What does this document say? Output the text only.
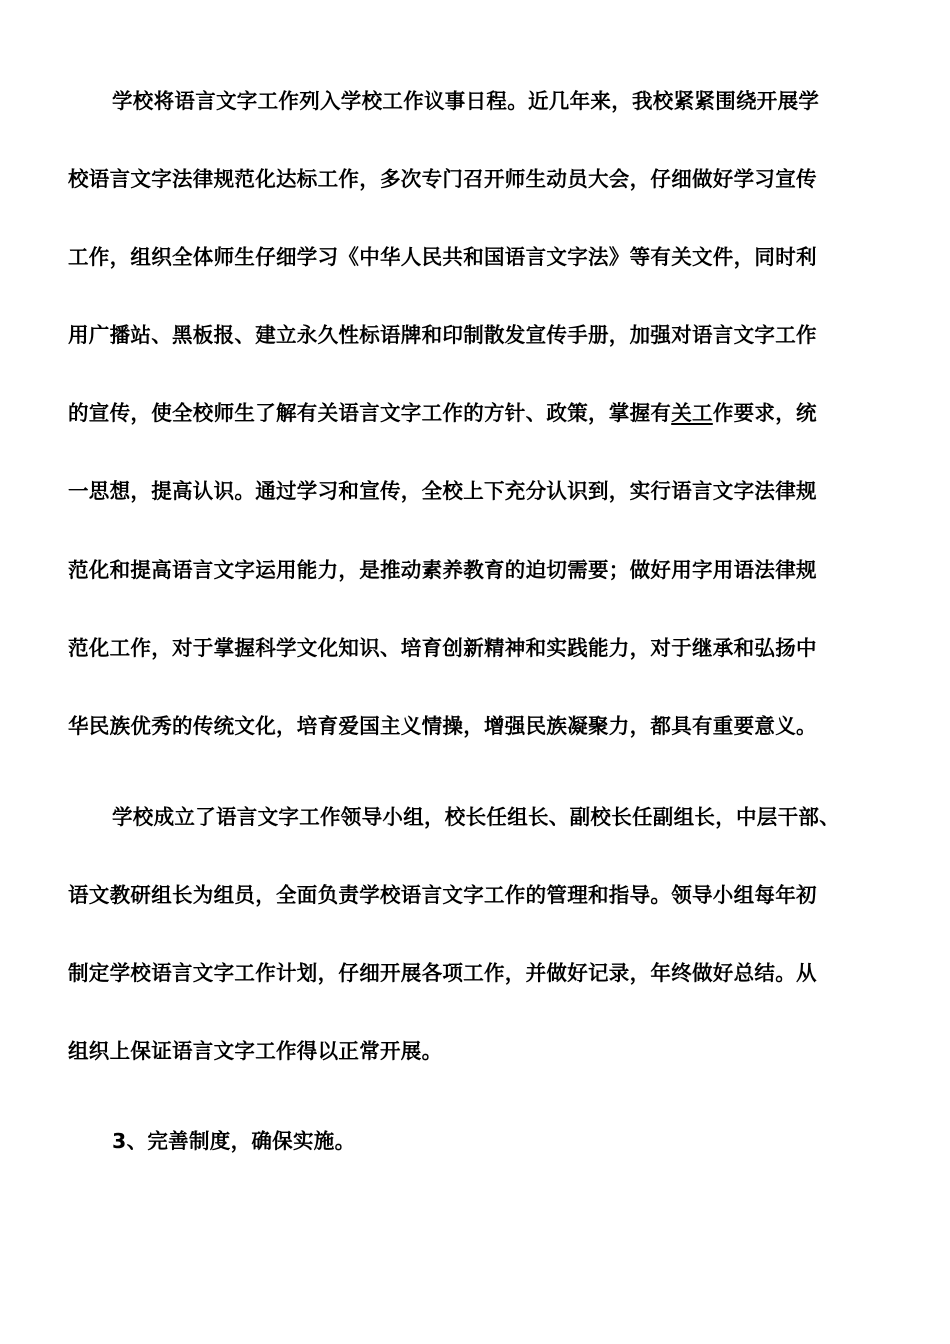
学校将语言文字工作列入学校工作议事日程。近几年来，我校紧紧围绕开展学

校语言文字法律规范化达标工作，多次专门召开师生动员大会，仔细做好学习宣传

工作，组织全体师生仔细学习《中华人民共和国语言文字法》等有关文件，同时利

用广播站、黑板报、建立永久性标语牌和印制散发宣传手册，加强对语言文字工作

的宣传，使全校师生了解有关语言文字工作的方针、政策，掌握有关工作要求，统

一思想，提高认识。通过学习和宣传，全校上下充分认识到，实行语言文字法律规

范化和提高语言文字运用能力，是推动素养教育的迫切需要；做好用字用语法律规

范化工作，对于掌握科学文化知识、培育创新精神和实践能力，对于继承和弘扬中

华民族优秀的传统文化，培育爱国主义情操，增强民族凝聚力，都具有重要意义。

学校成立了语言文字工作领导小组，校长任组长、副校长任副组长，中层干部、

语文教研组长为组员，全面负责学校语言文字工作的管理和指导。领导小组每年初

制定学校语言文字工作计划，仔细开展各项工作，并做好记录，年终做好总结。从

组织上保证语言文字工作得以正常开展。

3、完善制度，确保实施。
